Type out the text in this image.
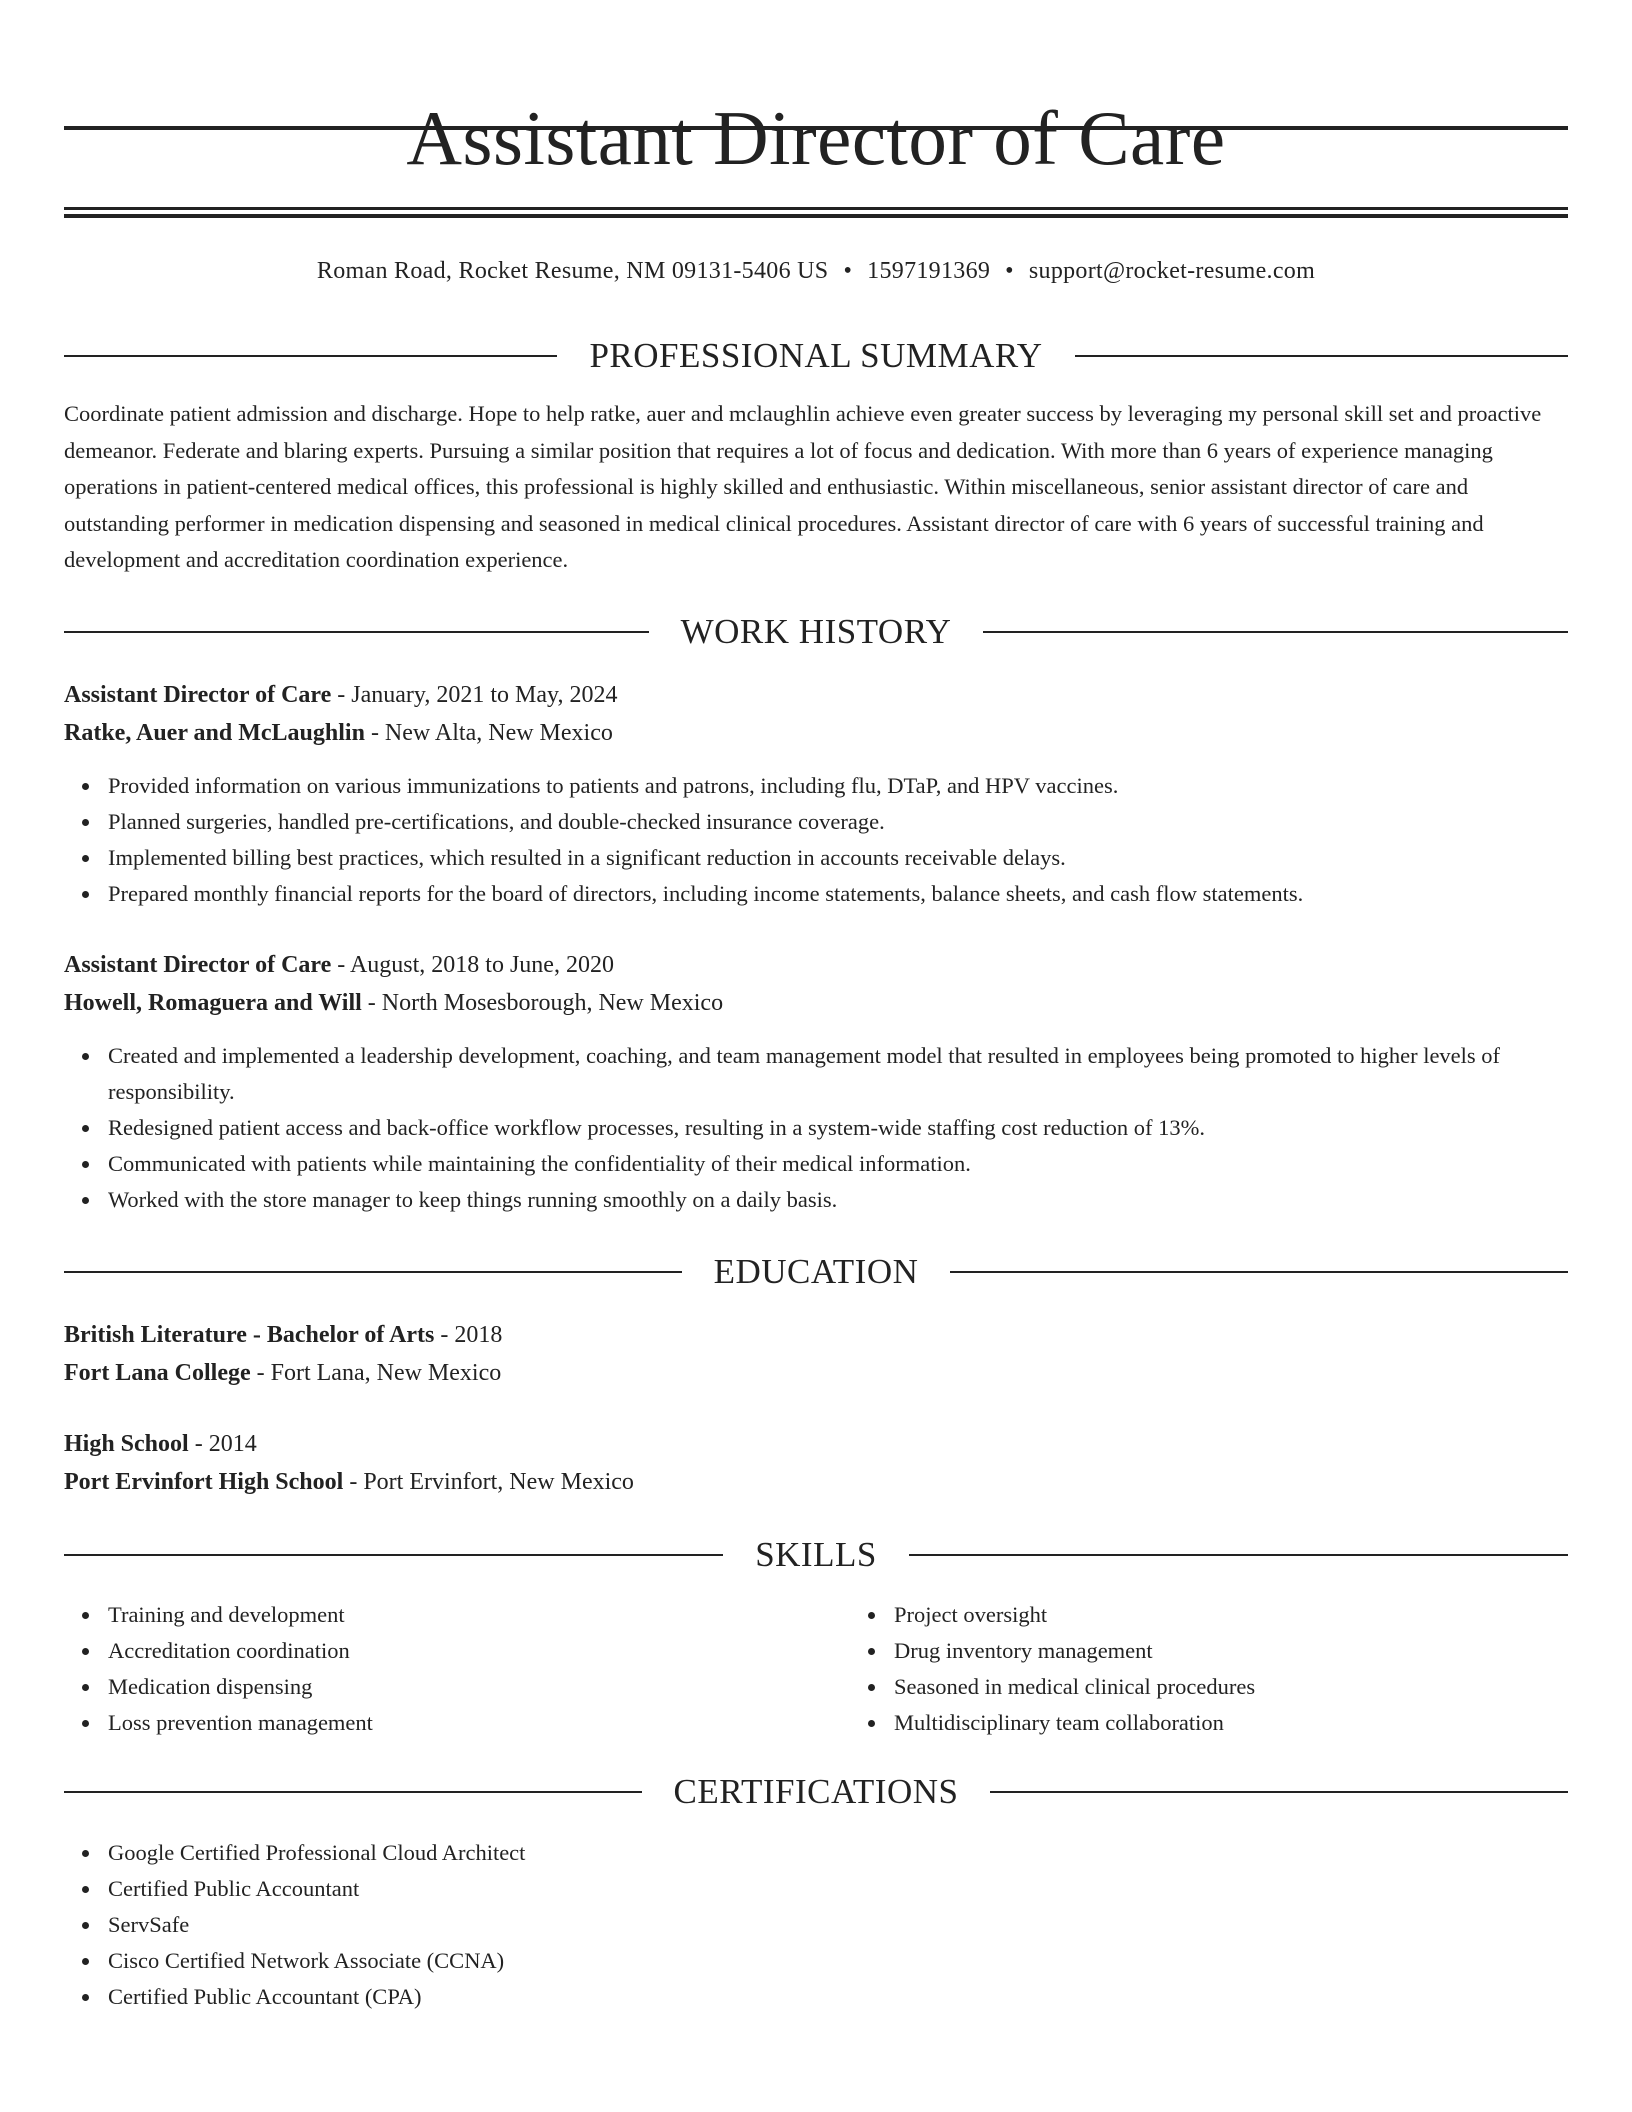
Assistant Director of Care
Roman Road, Rocket Resume, NM 09131-5406 US • 1597191369 • support@rocket-resume.com
PROFESSIONAL SUMMARY

Coordinate patient admission and discharge. Hope to help ratke, auer and mclaughlin achieve even greater success by leveraging my personal skill set and proactive demeanor. Federate and blaring experts. Pursuing a similar position that requires a lot of focus and dedication. With more than 6 years of experience managing operations in patient-centered medical offices, this professional is highly skilled and enthusiastic. Within miscellaneous, senior assistant director of care and outstanding performer in medication dispensing and seasoned in medical clinical procedures. Assistant director of care with 6 years of successful training and development and accreditation coordination experience.

WORK HISTORY

Assistant Director of Care - January, 2021 to May, 2024

Ratke, Auer and McLaughlin - New Alta, New Mexico

Provided information on various immunizations to patients and patrons, including flu, DTaP, and HPV vaccines.
Planned surgeries, handled pre-certifications, and double-checked insurance coverage.
Implemented billing best practices, which resulted in a significant reduction in accounts receivable delays.
Prepared monthly financial reports for the board of directors, including income statements, balance sheets, and cash flow statements.

Assistant Director of Care - August, 2018 to June, 2020

Howell, Romaguera and Will - North Mosesborough, New Mexico

Created and implemented a leadership development, coaching, and team management model that resulted in employees being promoted to higher levels of responsibility.
Redesigned patient access and back-office workflow processes, resulting in a system-wide staffing cost reduction of 13%.
Communicated with patients while maintaining the confidentiality of their medical information.
Worked with the store manager to keep things running smoothly on a daily basis.
EDUCATION

British Literature - Bachelor of Arts - 2018

Fort Lana College - Fort Lana, New Mexico

High School - 2014

Port Ervinfort High School - Port Ervinfort, New Mexico

SKILLS
Training and development
Accreditation coordination
Medication dispensing
Loss prevention management
Project oversight
Drug inventory management
Seasoned in medical clinical procedures
Multidisciplinary team collaboration
CERTIFICATIONS
Google Certified Professional Cloud Architect
Certified Public Accountant
ServSafe
Cisco Certified Network Associate (CCNA)
Certified Public Accountant (CPA)
